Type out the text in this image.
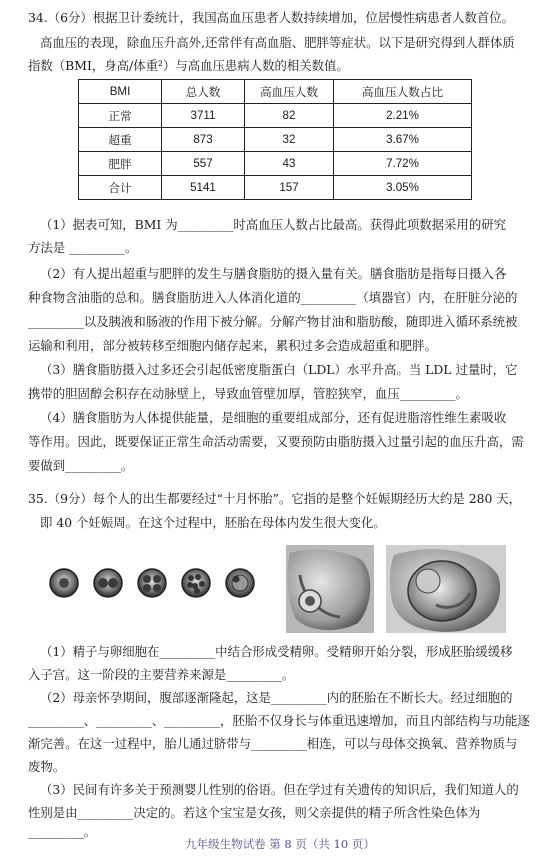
34.（6分）根据卫计委统计，我国高血压患者人数持续增加，位居慢性病患者人数首位。
高血压的表现，除血压升高外,还常伴有高血脂、肥胖等症状。以下是研究得到人群体质
指数（BMI，身高/体重²）与高血压患病人数的相关数值。
BMI	总人数	高血压人数	高血压人数占比
正常	3711	82	2.21%
超重	873	32	3.67%
肥胖	557	43	7.72%
合计	5141	157	3.05%
（1）据表可知，BMI 为_________时高血压人数占比最高。获得此项数据采用的研究
方法是 _________。
（2）有人提出超重与肥胖的发生与膳食脂肪的摄入量有关。膳食脂肪是指每日摄入各
种食物含油脂的总和。膳食脂肪进入人体消化道的_________（填器官）内，在肝脏分泌的
_________以及胰液和肠液的作用下被分解。分解产物甘油和脂肪酸，随即进入循环系统被
运输和利用，部分被转移至细胞内储存起来，累积过多会造成超重和肥胖。
（3）膳食脂肪摄入过多还会引起低密度脂蛋白（LDL）水平升高。当 LDL 过量时，它
携带的胆固醇会积存在动脉壁上，导致血管壁加厚，管腔狭窄，血压_________。
（4）膳食脂肪为人体提供能量，是细胞的重要组成部分，还有促进脂溶性维生素吸收
等作用。因此，既要保证正常生命活动需要，又要预防由脂肪摄入过量引起的血压升高，需
要做到_________。
35.（9分）每个人的出生都要经过“十月怀胎”。它指的是整个妊娠期经历大约是 280 天，
即 40 个妊娠周。在这个过程中，胚胎在母体内发生很大变化。
（1）精子与卵细胞在_________中结合形成受精卵。受精卵开始分裂，形成胚胎缓缓移
入子宫。这一阶段的主要营养来源是_________。
（2）母亲怀孕期间，腹部逐渐隆起，这是_________内的胚胎在不断长大。经过细胞的
_________、_________、_________，胚胎不仅身长与体重迅速增加，而且内部结构与功能逐
渐完善。在这一过程中，胎儿通过脐带与_________相连，可以与母体交换氧、营养物质与
废物。
（3）民间有许多关于预测婴儿性别的俗语。但在学过有关遗传的知识后，我们知道人的
性别是由_________决定的。若这个宝宝是女孩，则父亲提供的精子所含性染色体为
_________。
九年级生物试卷 第 8 页（共 10 页）
